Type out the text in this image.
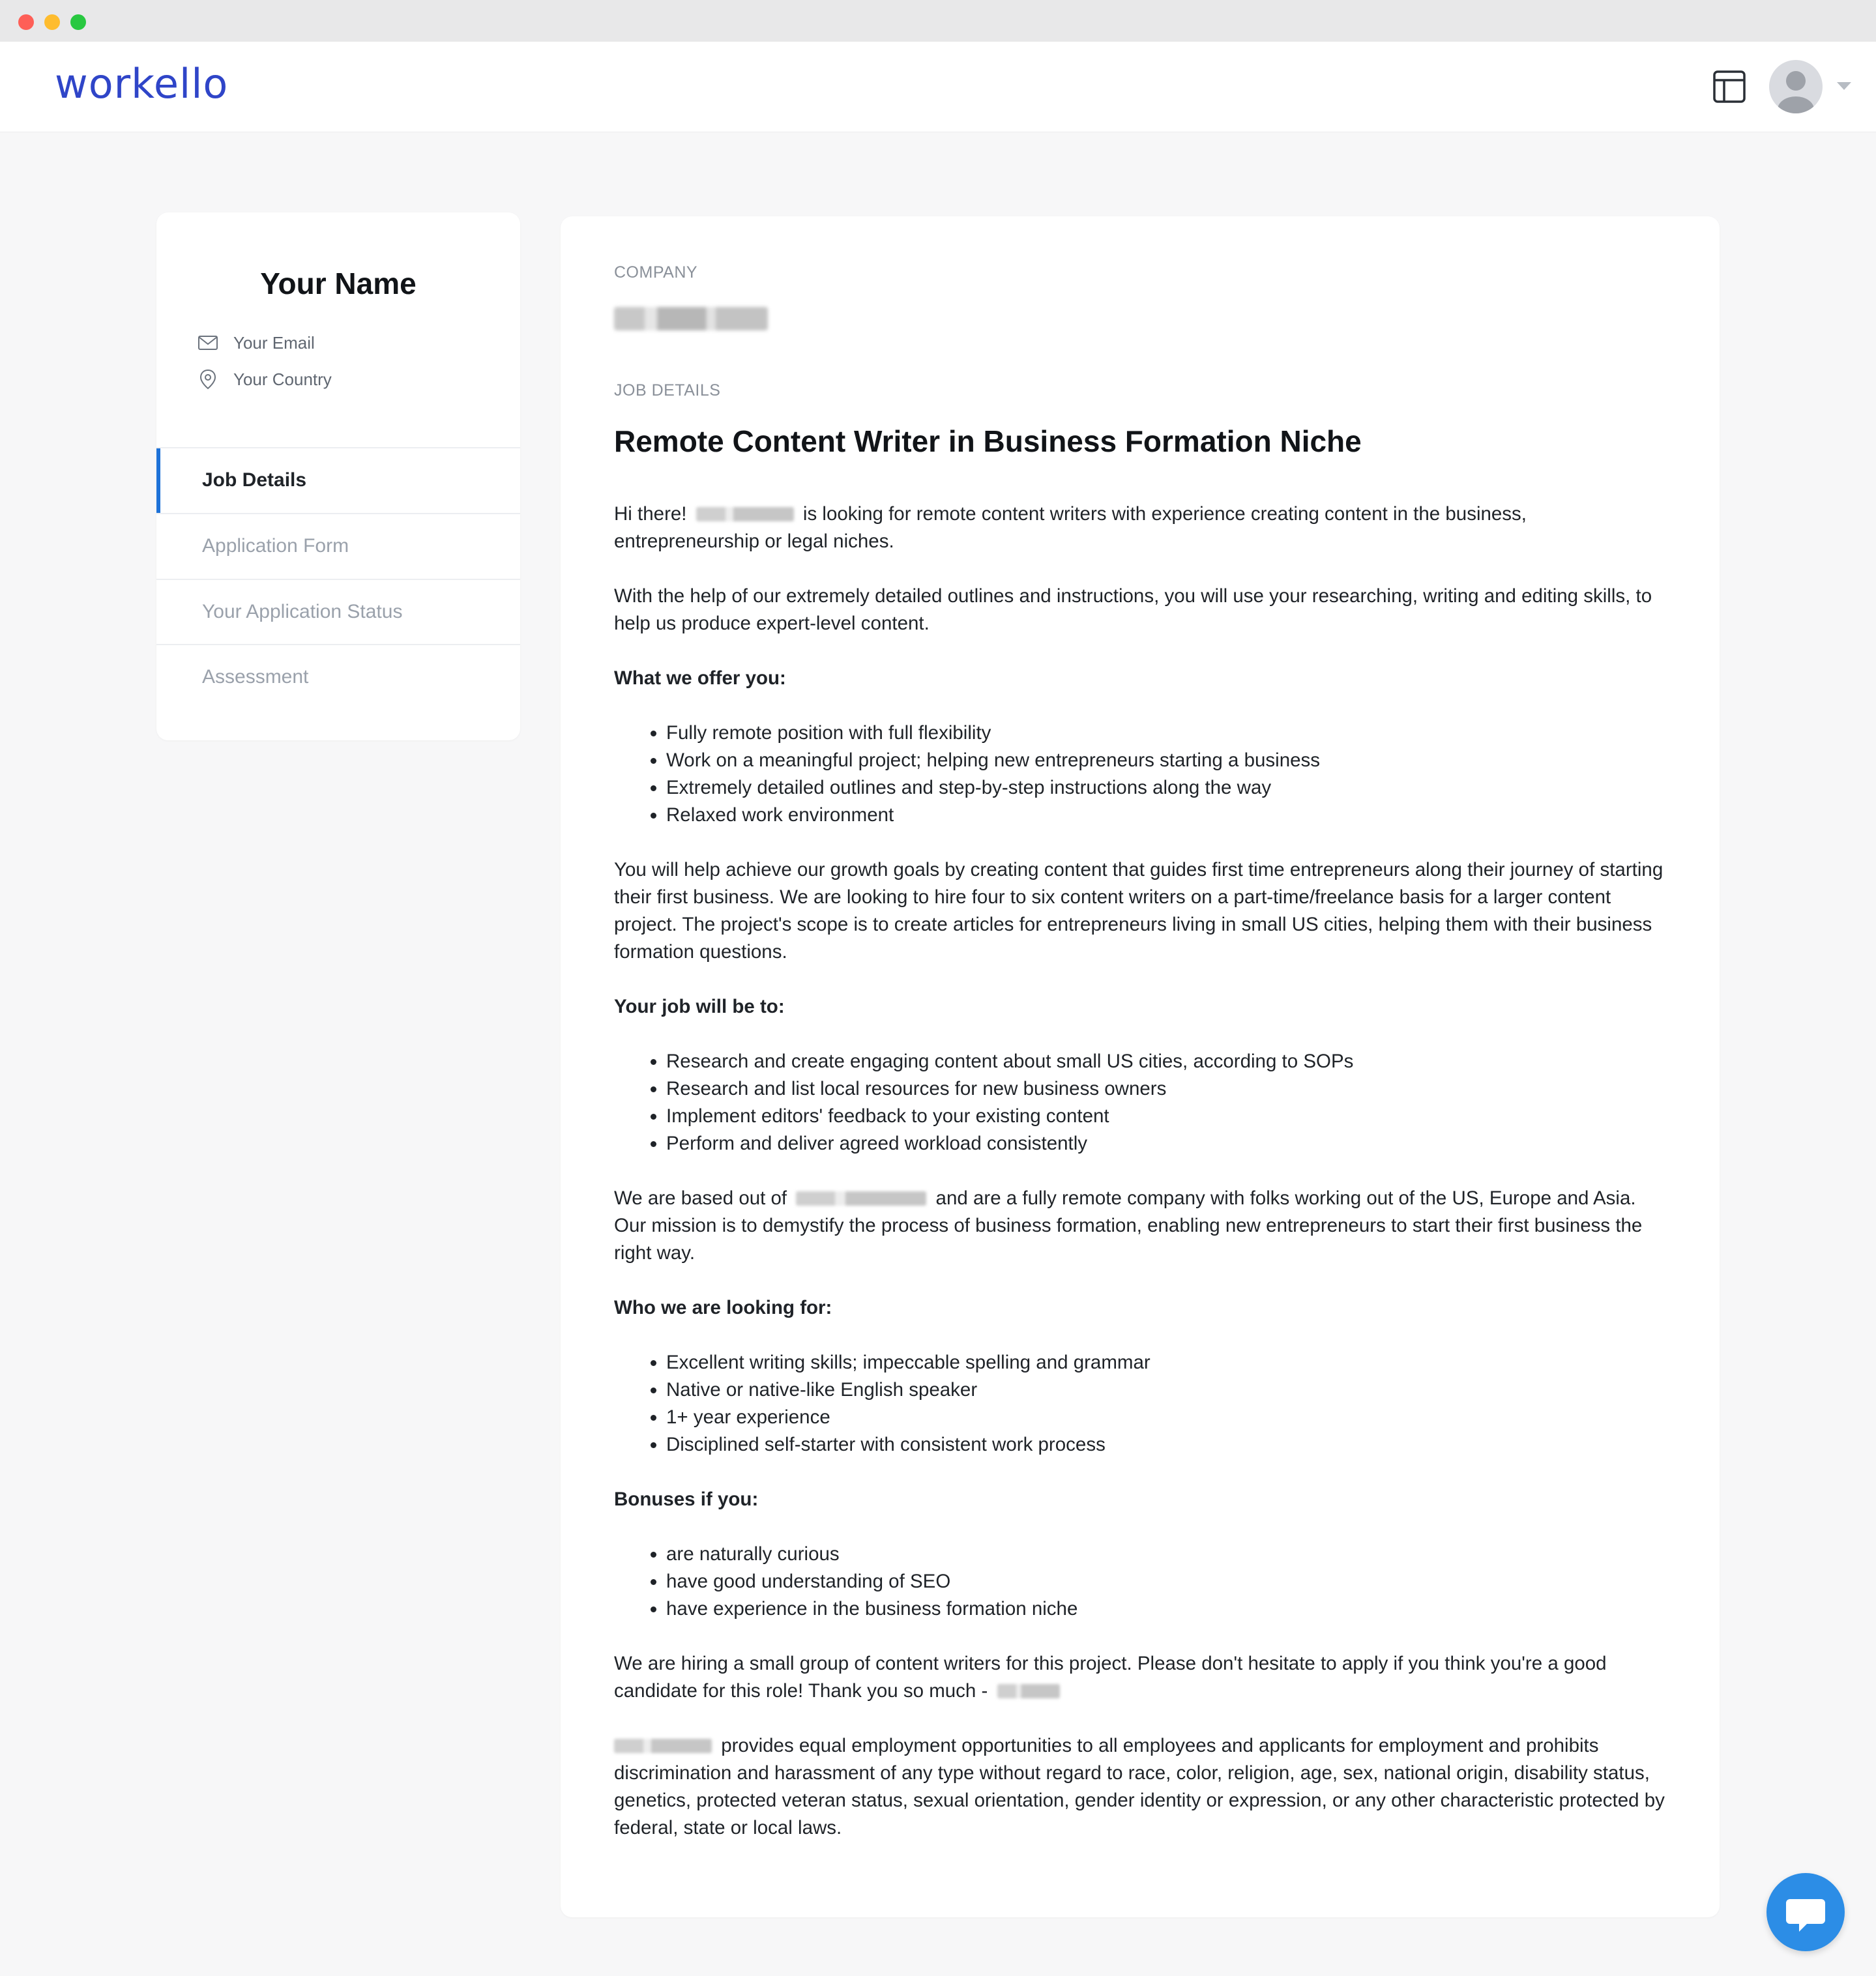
workello
Your Name
Your Email
Your Country
Job Details
Application Form
Your Application Status
Assessment
COMPANY
JOB DETAILS
Remote Content Writer in Business Formation Niche

Hi there!	is looking for remote content writers with experience creating content in the business, entrepreneurship or legal niches.

With the help of our extremely detailed outlines and instructions, you will use your researching, writing and editing skills, to help us produce expert-level content.

What we offer you:
• Fully remote position with full flexibility
• Work on a meaningful project; helping new entrepreneurs starting a business
• Extremely detailed outlines and step-by-step instructions along the way
• Relaxed work environment

You will help achieve our growth goals by creating content that guides first time entrepreneurs along their journey of starting their first business. We are looking to hire four to six content writers on a part-time/freelance basis for a larger content project. The project's scope is to create articles for entrepreneurs living in small US cities, helping them with their business formation questions.

Your job will be to:
• Research and create engaging content about small US cities, according to SOPs
• Research and list local resources for new business owners
• Implement editors' feedback to your existing content
• Perform and deliver agreed workload consistently

We are based out of	and are a fully remote company with folks working out of the US, Europe and Asia. Our mission is to demystify the process of business formation, enabling new entrepreneurs to start their first business the right way.

Who we are looking for:
• Excellent writing skills; impeccable spelling and grammar
• Native or native-like English speaker
• 1+ year experience
• Disciplined self-starter with consistent work process
Bonuses if you:
• are naturally curious
• have good understanding of SEO
• have experience in the business formation niche

We are hiring a small group of content writers for this project. Please don't hesitate to apply if you think you're a good candidate for this role! Thank you so much -

provides equal employment opportunities to all employees and applicants for employment and prohibits discrimination and harassment of any type without regard to race, color, religion, age, sex, national origin, disability status, genetics, protected veteran status, sexual orientation, gender identity or expression, or any other characteristic protected by federal, state or local laws.
